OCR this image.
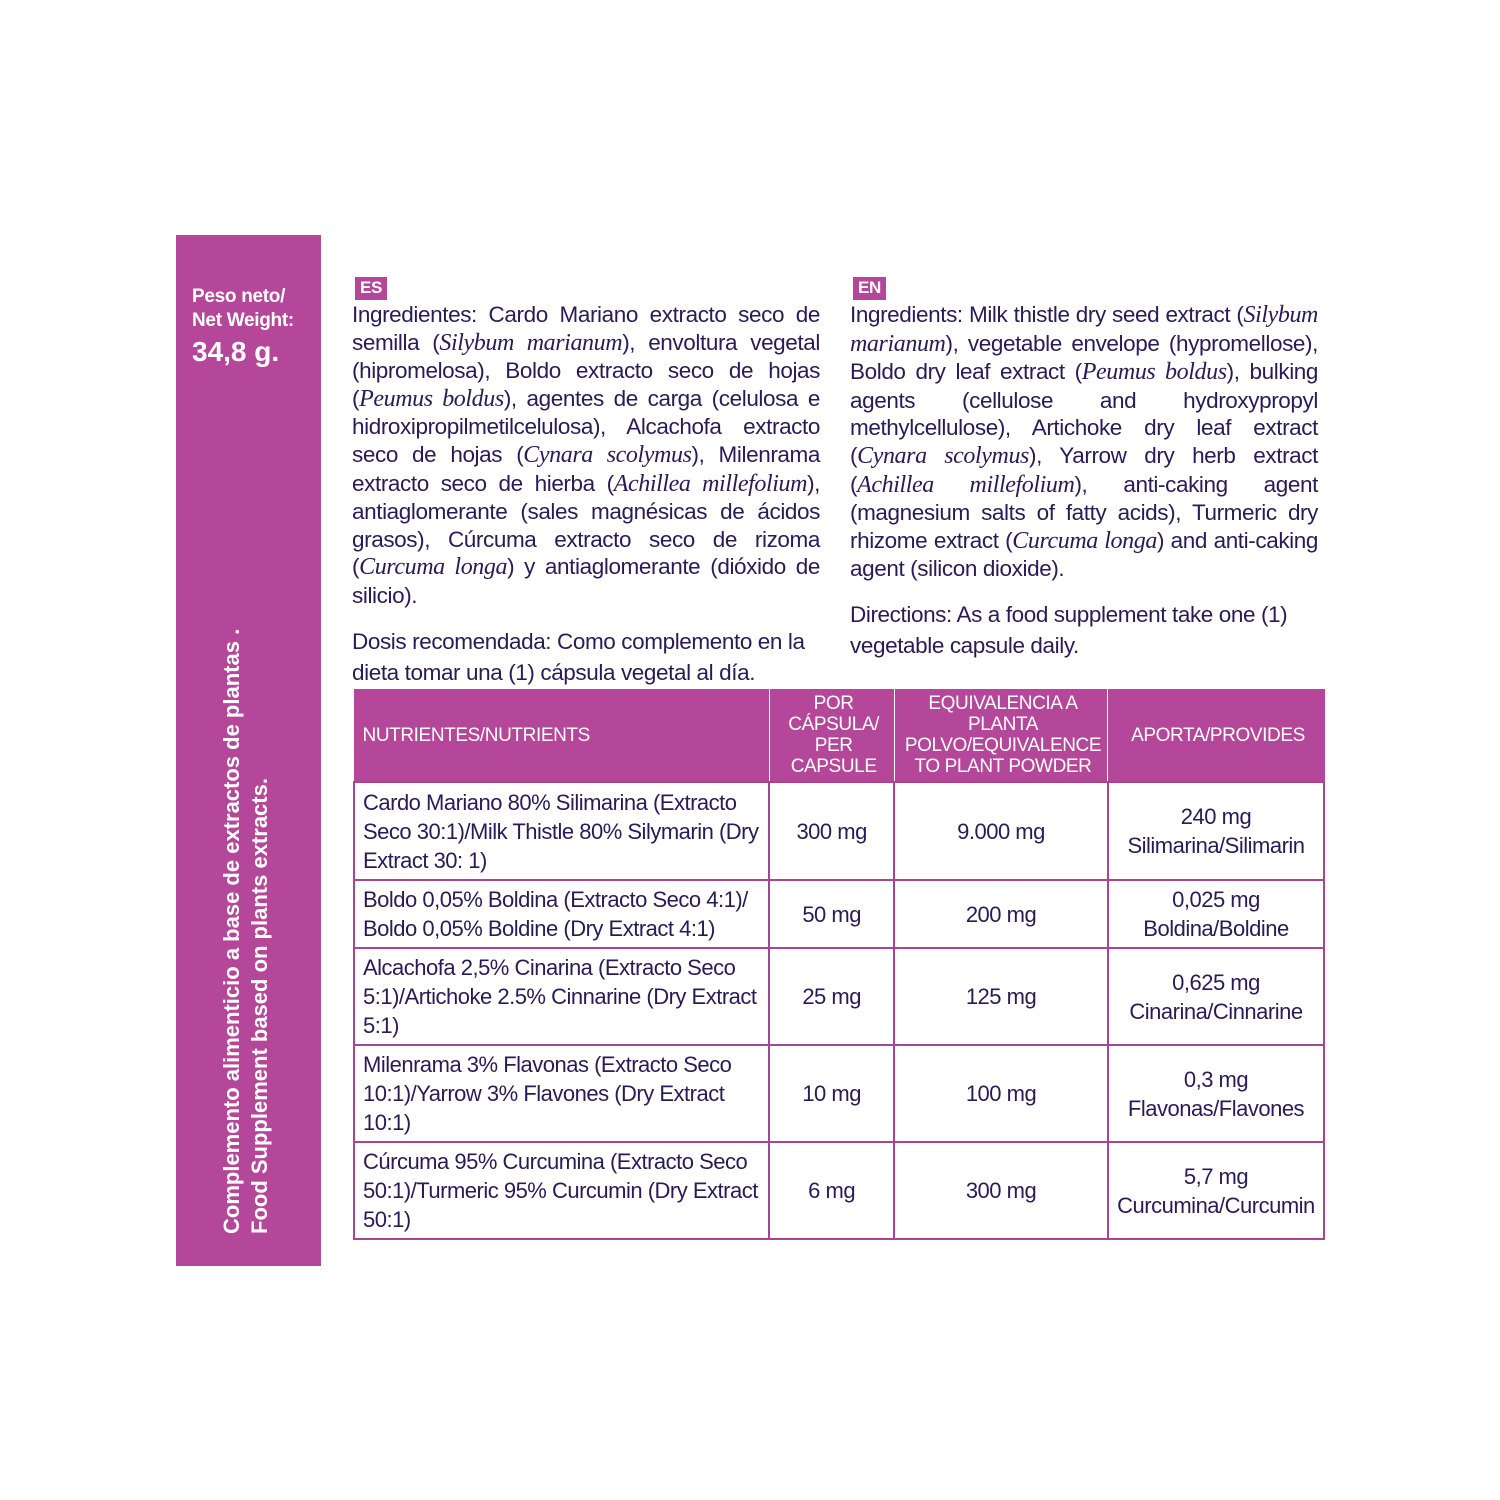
Peso neto/
Net Weight:
34,8 g.
Complemento alimenticio a base de extractos de plantas . Food Supplement based on plants extracts.
ES

Ingredientes: Cardo Mariano extracto seco de semilla (Silybum marianum), envoltura vegetal (hipromelosa), Boldo extracto seco de hojas (Peumus boldus), agentes de carga (celulosa e hidroxipropilmetilcelulosa), Alcachofa extracto seco de hojas (Cynara scolymus), Milenrama extracto seco de hierba (Achillea millefolium), antiaglomerante (sales magnésicas de ácidos grasos), Cúrcuma extracto seco de rizoma (Curcuma longa) y antiaglomerante (dióxido de silicio).

Dosis recomendada: Como complemento en la dieta tomar una (1) cápsula vegetal al día.

EN

Ingredients: Milk thistle dry seed extract (Silybum marianum), vegetable envelope (hypromellose), Boldo dry leaf extract (Peumus boldus), bulking agents (cellulose and hydroxypropyl methylcellulose), Artichoke dry leaf extract (Cynara scolymus), Yarrow dry herb extract (Achillea millefolium), anti-caking agent (magnesium salts of fatty acids), Turmeric dry rhizome extract (Curcuma longa) and anti-caking agent (silicon dioxide).

Directions: As a food supplement take one (1) vegetable capsule daily.

NUTRIENTES/NUTRIENTS	POR CÁPSULA/ PER CAPSULE	EQUIVALENCIA A PLANTA POLVO/EQUIVALENCE TO PLANT POWDER	APORTA/PROVIDES
Cardo Mariano 80% Silimarina (Extracto Seco 30:1)/Milk Thistle 80% Silymarin (Dry Extract 30: 1)	300 mg	9.000 mg	240 mg
Silimarina/Silimarin
Boldo 0,05% Boldina (Extracto Seco 4:1)/ Boldo 0,05% Boldine (Dry Extract 4:1)	50 mg	200 mg	0,025 mg
Boldina/Boldine
Alcachofa 2,5% Cinarina (Extracto Seco 5:1)/Artichoke 2.5% Cinnarine (Dry Extract 5:1)	25 mg	125 mg	0,625 mg
Cinarina/Cinnarine
Milenrama 3% Flavonas (Extracto Seco 10:1)/Yarrow 3% Flavones (Dry Extract 10:1)	10 mg	100 mg	0,3 mg
Flavonas/Flavones
Cúrcuma 95% Curcumina (Extracto Seco 50:1)/Turmeric 95% Curcumin (Dry Extract 50:1)	6 mg	300 mg	5,7 mg
Curcumina/Curcumin
